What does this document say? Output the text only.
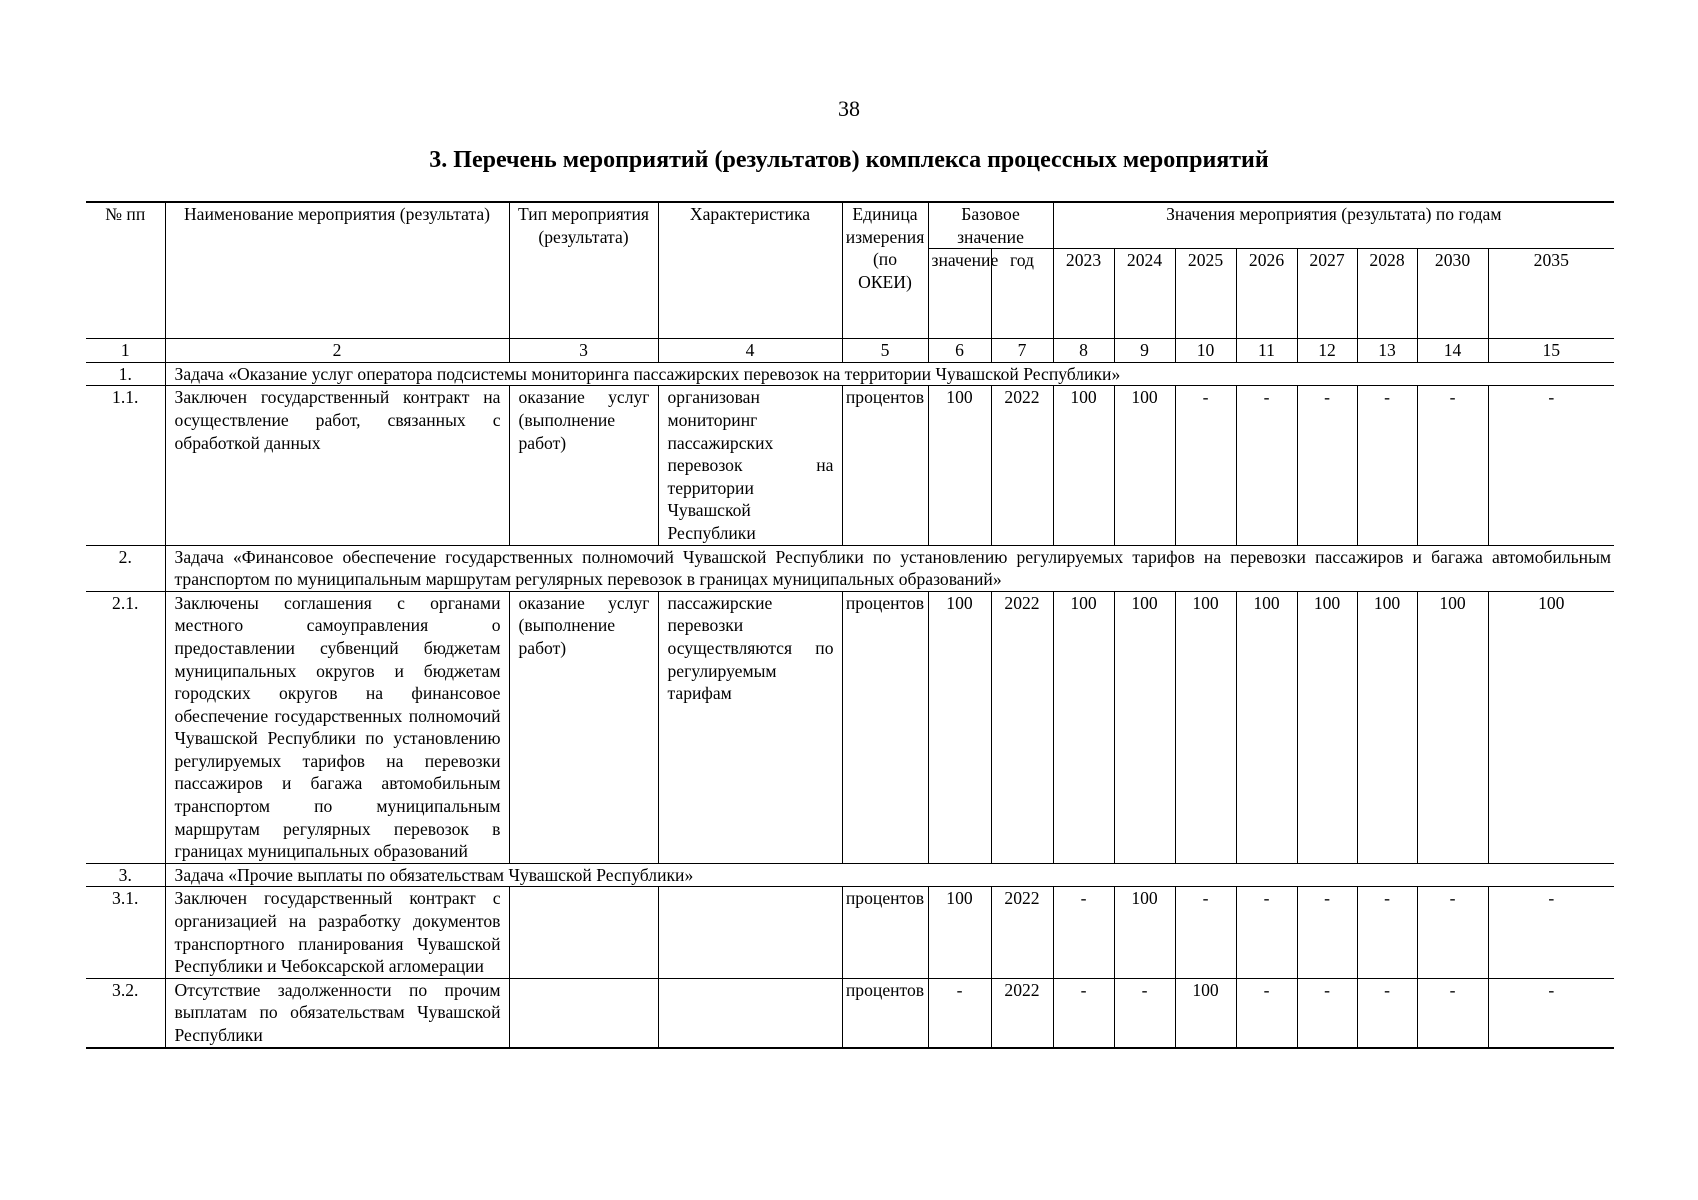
38
3. Перечень мероприятий (результатов) комплекса процессных мероприятий
№ пп	Наименование мероприятия (результата)	Тип мероприятия (результата)	Характеристика	Единица измерения (по ОКЕИ)	Базовое значение		Значения мероприятия (результата) по годам							
					значение	год	2023	2024	2025	2026	2027	2028	2030	2035
1	2	3	4	5	6	7	8	9	10	11	12	13	14	15
1.	Задача «Оказание услуг оператора подсистемы мониторинга пассажирских перевозок на территории Чувашской Республики»													
1.1.	Заключен государственный контракт на осуществление работ, связанных с обработкой данных	оказание услуг (выполнение работ)	организован мониторинг пассажирских перевозок на территории Чувашской Республики	процентов	100	2022	100	100	-	-	-	-	-	-
2.	Задача «Финансовое обеспечение государственных полномочий Чувашской Республики по установлению регулируемых тарифов на перевозки пассажиров и багажа автомобильным транспортом по муниципальным маршрутам регулярных перевозок в границах муниципальных образований»													
2.1.	Заключены соглашения с органами местного самоуправления о предоставлении субвенций бюджетам муниципальных округов и бюджетам городских округов на финансовое обеспечение государственных полномочий Чувашской Республики по установлению регулируемых тарифов на перевозки пассажиров и багажа автомобильным транспортом по муниципальным маршрутам регулярных перевозок в границах муниципальных образований	оказание услуг (выполнение работ)	пассажирские перевозки осуществляются по регулируемым тарифам	процентов	100	2022	100	100	100	100	100	100	100	100
3.	Задача «Прочие выплаты по обязательствам Чувашской Республики»													
3.1.	Заключен государственный контракт с организацией на разработку документов транспортного планирования Чувашской Республики и Чебоксарской агломерации			процентов	100	2022	-	100	-	-	-	-	-	-
3.2.	Отсутствие задолженности по прочим выплатам по обязательствам Чувашской Республики			процентов	-	2022	-	-	100	-	-	-	-	-
